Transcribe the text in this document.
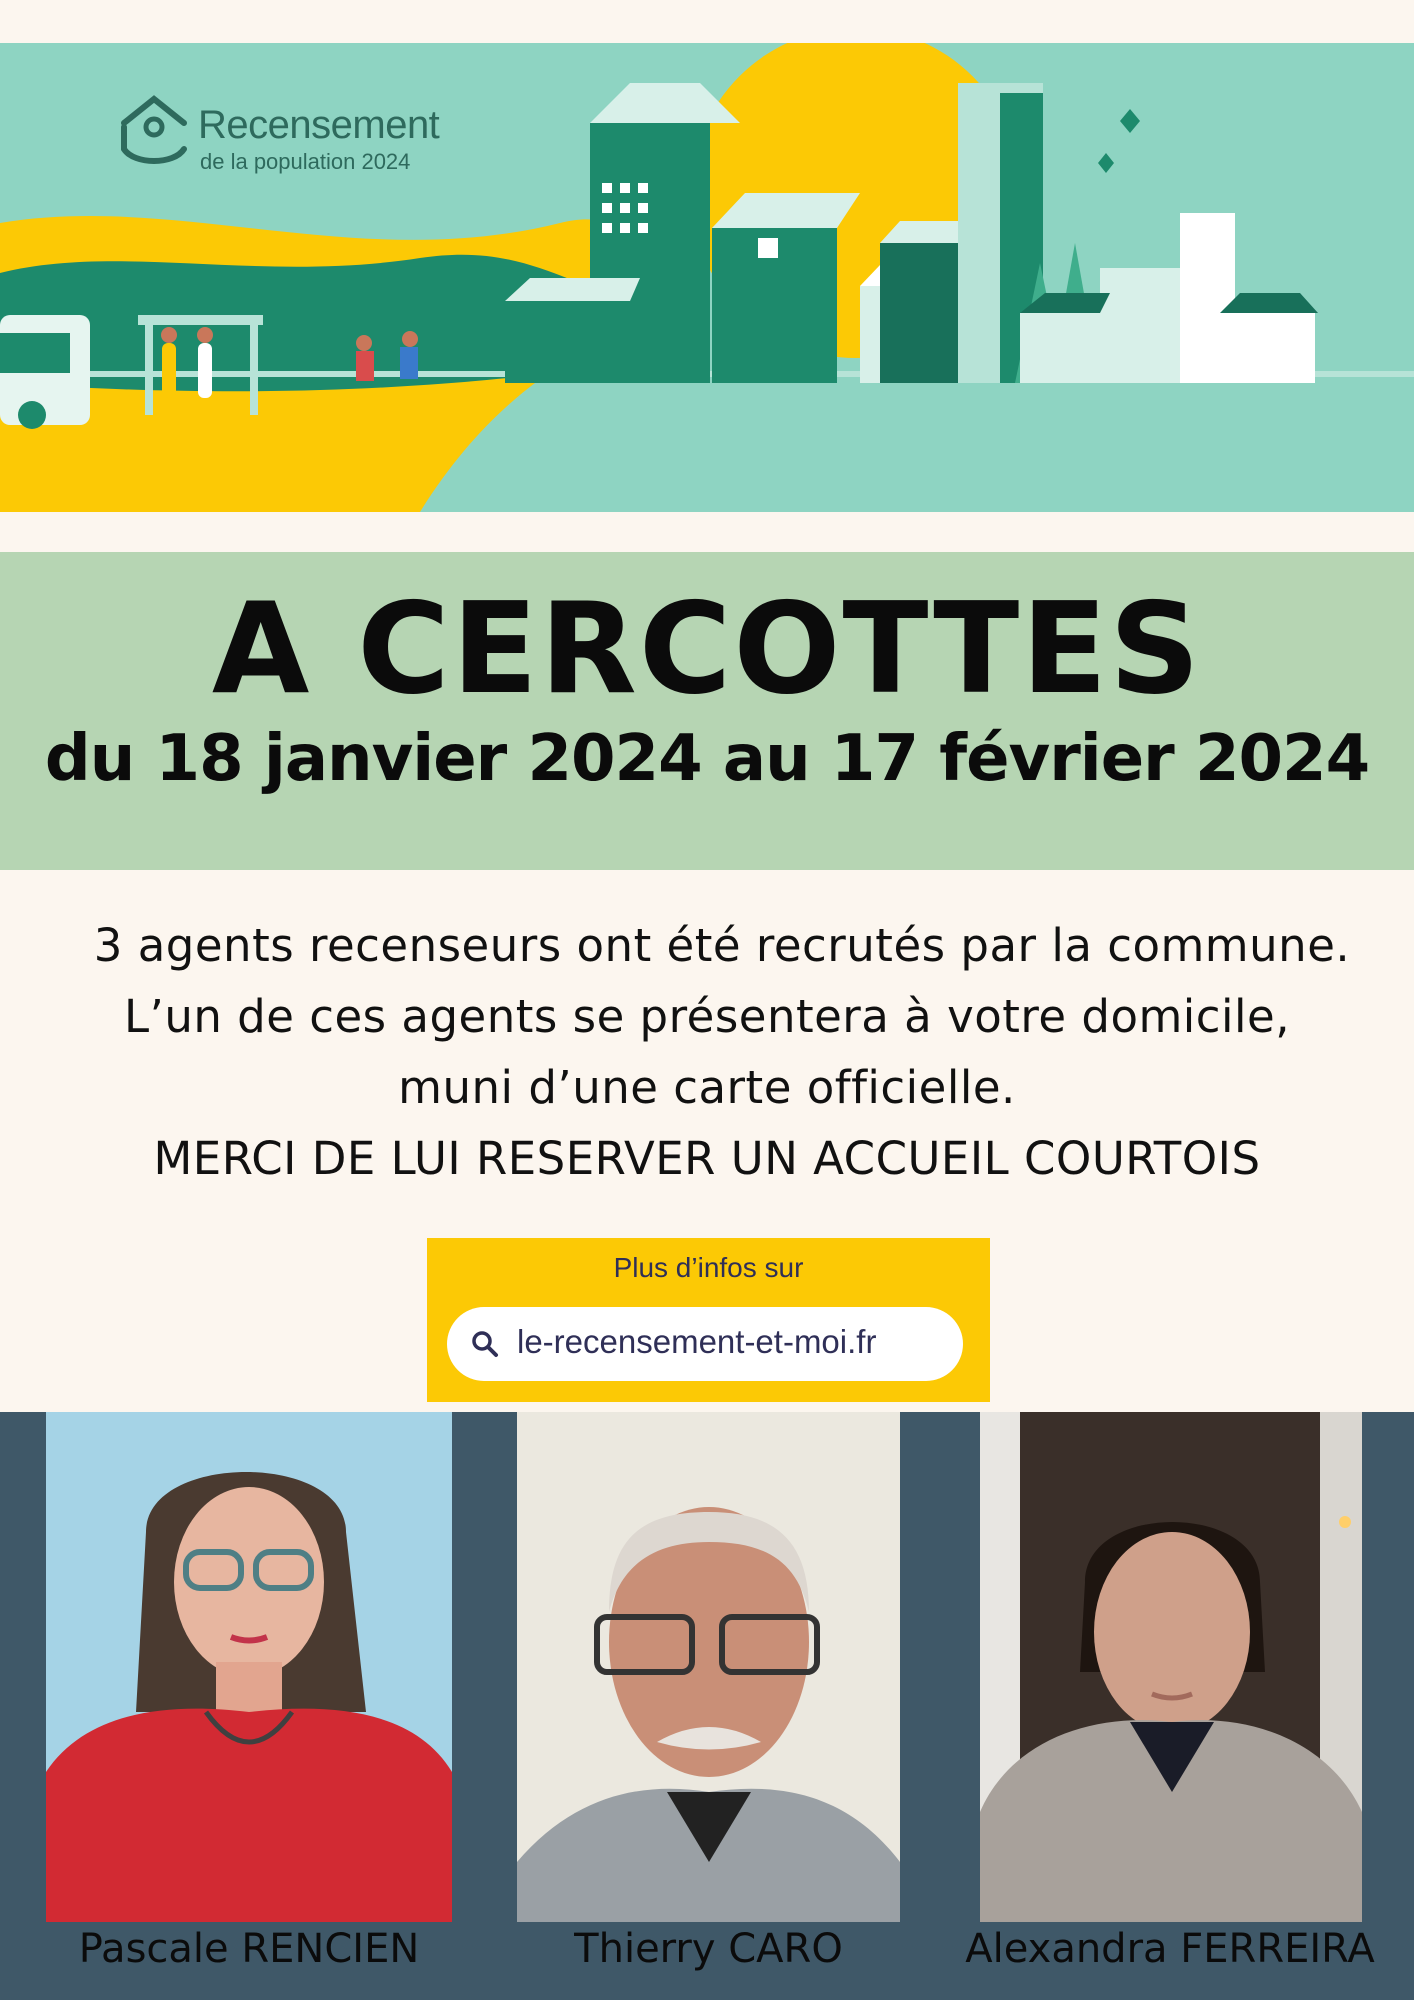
Recensement
de la population 2024
A CERCOTTES
du 18 janvier 2024 au 17 février 2024
3 agents recenseurs ont été recrutés par la commune.
L’un de ces agents se présentera à votre domicile,
muni d’une carte officielle.
MERCI DE LUI RESERVER UN ACCUEIL COURTOIS
Plus d’infos sur
le-recensement-et-moi.fr
Pascale RENCIEN	Thierry CARO	Alexandra FERREIRA
